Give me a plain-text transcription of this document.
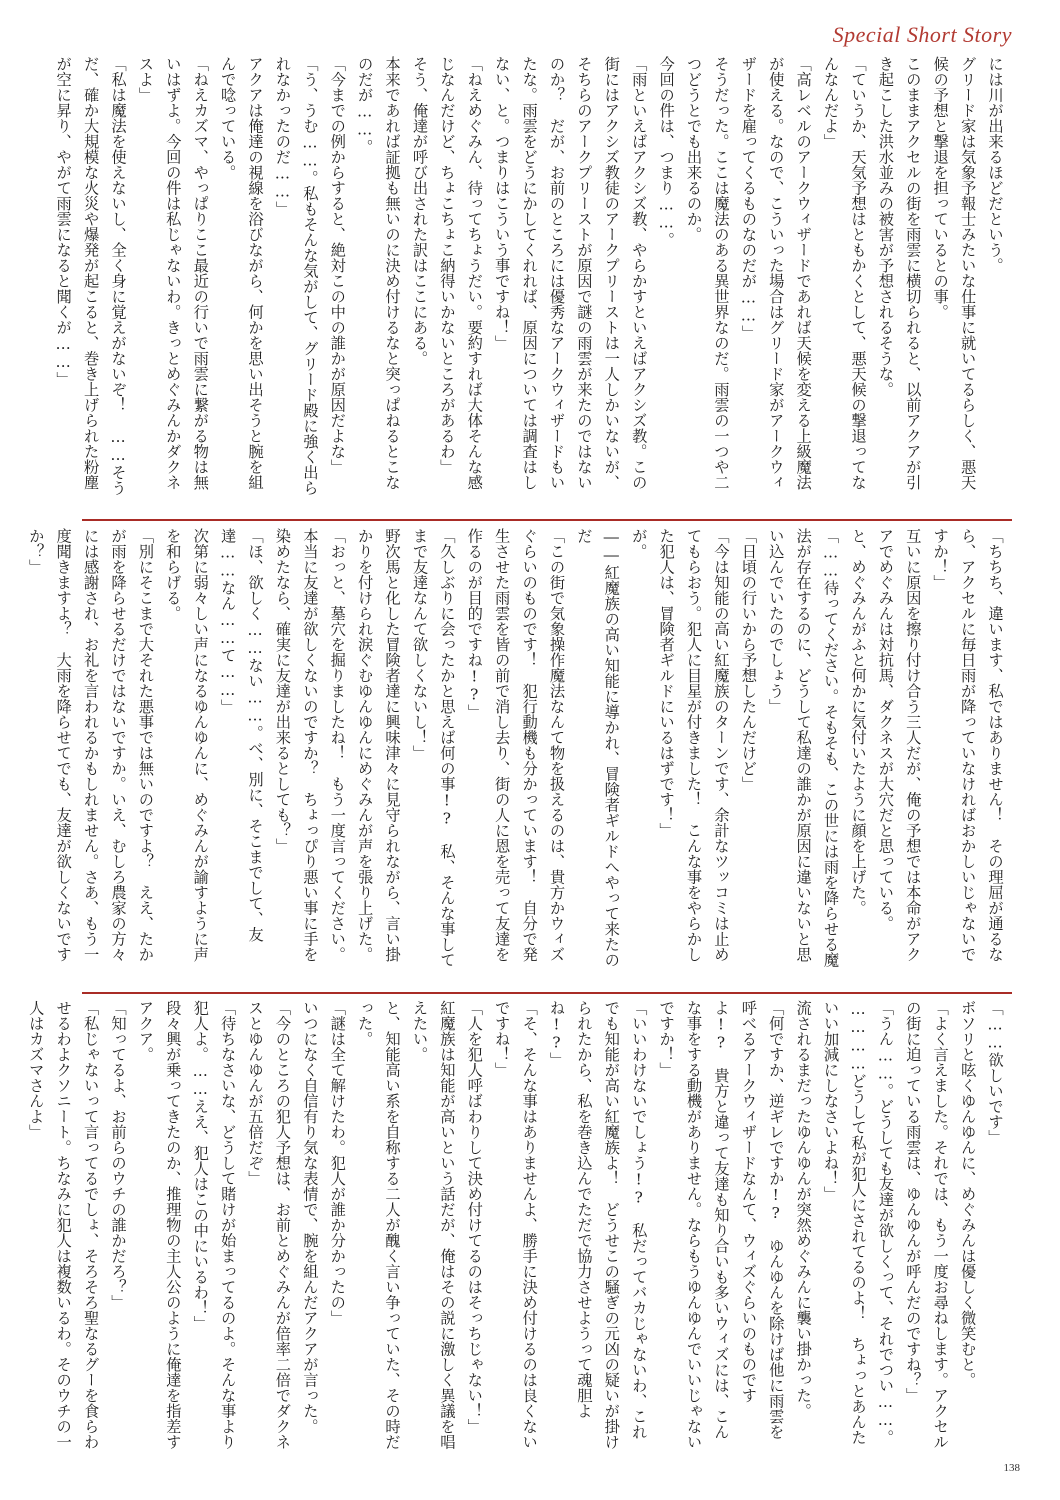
Special Short Story

には川が出来るほどだという。

グリード家は気象予報士みたいな仕事に就いてるらしく、悪天候の予想と撃退を担っているとの事。

このままアクセルの街を雨雲に横切られると、以前アクアが引き起こした洪水並みの被害が予想されるそうな。

「ていうか、天気予想はともかくとして、悪天候の撃退ってなんなんだよ」

「高レベルのアークウィザードであれば天候を変える上級魔法が使える。なので、こういった場合はグリード家がアークウィザードを雇ってくるものなのだが……」

そうだった。ここは魔法のある異世界なのだ。雨雲の一つや二つどうとでも出来るのか。

今回の件は、つまり……。

「雨といえばアクシズ教、やらかすといえばアクシズ教。この街にはアクシズ教徒のアークプリーストは一人しかいないが、そちらのアークプリーストが原因で謎の雨雲が来たのではないのか？　だが、お前のところには優秀なアークウィザードもいたな。雨雲をどうにかしてくれれば、原因については調査はしない、と。つまりはこういう事ですね！」

「ねえめぐみん、待ってちょうだい。要約すれば大体そんな感じなんだけど、ちょこちょこ納得いかないところがあるわ」

そう、俺達が呼び出された訳はここにある。

本来であれば証拠も無いのに決め付けるなと突っぱねるとこなのだが……。

「今までの例からすると、絶対この中の誰かが原因だよな」

「う、うむ……。私もそんな気がして、グリード殿に強く出られなかったのだ……」

アクアは俺達の視線を浴びながら、何かを思い出そうと腕を組んで唸っている。

「ねえカズマ、やっぱりここ最近の行いで雨雲に繋がる物は無いはずよ。今回の件は私じゃないわ。きっとめぐみんかダクネスよ」

「私は魔法を使えないし、全く身に覚えがないぞ！　……そうだ、確か大規模な火災や爆発が起こると、巻き上げられた粉塵が空に昇り、やがて雨雲になると聞くが……」

「ちちち、違います、私ではありません！　その理屈が通るなら、アクセルに毎日雨が降っていなければおかしいじゃないですか！」

互いに原因を擦り付け合う三人だが、俺の予想では本命がアクアでめぐみんは対抗馬、ダクネスが大穴だと思っている。

と、めぐみんがふと何かに気付いたように顔を上げた。

「……待ってください。そもそも、この世には雨を降らせる魔法が存在するのに、どうして私達の誰かが原因に違いないと思い込んでいたのでしょう」

「日頃の行いから予想したんだけど」

「今は知能の高い紅魔族のターンです、余計なツッコミは止めてもらおう。犯人に目星が付きました！　こんな事をやらかした犯人は、冒険者ギルドにいるはずです！」

が。

――紅魔族の高い知能に導かれ、冒険者ギルドへやって来たのだ

「この街で気象操作魔法なんて物を扱えるのは、貴方かウィズぐらいのものです！　犯行動機も分かっています！　自分で発生させた雨雲を皆の前で消し去り、街の人に恩を売って友達を作るのが目的ですね!?」

「久しぶりに会ったかと思えば何の事!?　私、そんな事してまで友達なんて欲しくないし！」

野次馬と化した冒険者達に興味津々に見守られながら、言い掛かりを付けられ涙ぐむゆんゆんにめぐみんが声を張り上げた。

「おっと、墓穴を掘りましたね！　もう一度言ってください。本当に友達が欲しくないのですか？　ちょっぴり悪い事に手を染めたなら、確実に友達が出来るとしても？」

「ほ、欲しく……ない……。べ、別に、そこまでして、友達……なん……て……」

次第に弱々しい声になるゆんゆんに、めぐみんが諭すように声を和らげる。

「別にそこまで大それた悪事では無いのですよ？　ええ、たかが雨を降らせるだけではないですか。いえ、むしろ農家の方々には感謝され、お礼を言われるかもしれません。さあ、もう一度聞きますよ？　大雨を降らせてでも、友達が欲しくないですか？」

「……欲しいです」

ボソリと呟くゆんゆんに、めぐみんは優しく微笑むと。

「よく言えました。それでは、もう一度お尋ねします。アクセルの街に迫っている雨雲は、ゆんゆんが呼んだのですね？」

「うん……。どうしても友達が欲しくって、それでつい……。

…………どうして私が犯人にされてるのよ！　ちょっとあんたいい加減にしなさいよね！」

流されるまだったゆんゆんが突然めぐみんに襲い掛かった。

「何ですか、逆ギレですか!?　ゆんゆんを除けば他に雨雲を呼べるアークウィザードなんて、ウィズぐらいのものですよ!?　貴方と違って友達も知り合いも多いウィズには、こんな事をする動機がありません。ならもうゆんゆんでいいじゃないですか！」

「いいわけないでしょう!?　私だってバカじゃないわ、これでも知能が高い紅魔族よ！　どうせこの騒ぎの元凶の疑いが掛けられたから、私を巻き込んでただで協力させようって魂胆よね!?」

「そ、そんな事はありませんよ、勝手に決め付けるのは良くないですね！」

「人を犯人呼ばわりして決め付けてるのはそっちじゃない！」

紅魔族は知能が高いという話だが、俺はその説に激しく異議を唱えたい。

と、知能高い系を自称する二人が醜く言い争っていた、その時だった。

「謎は全て解けたわ。犯人が誰か分かったの」

いつになく自信有り気な表情で、腕を組んだアクアが言った。

「今のところの犯人予想は、お前とめぐみんが倍率二倍でダクネスとゆんゆんが五倍だぞ」

「待ちなさいな、どうして賭けが始まってるのよ。そんな事より犯人よ。……ええ、犯人はこの中にいるわ！」

段々興が乗ってきたのか、推理物の主人公のように俺達を指差すアクア。

「知ってるよ、お前らのウチの誰かだろ？」

「私じゃないって言ってるでしょ、そろそろ聖なるグーを食らわせるわよクソニート。ちなみに犯人は複数いるわ。そのウチの一人はカズマさんよ」

138
